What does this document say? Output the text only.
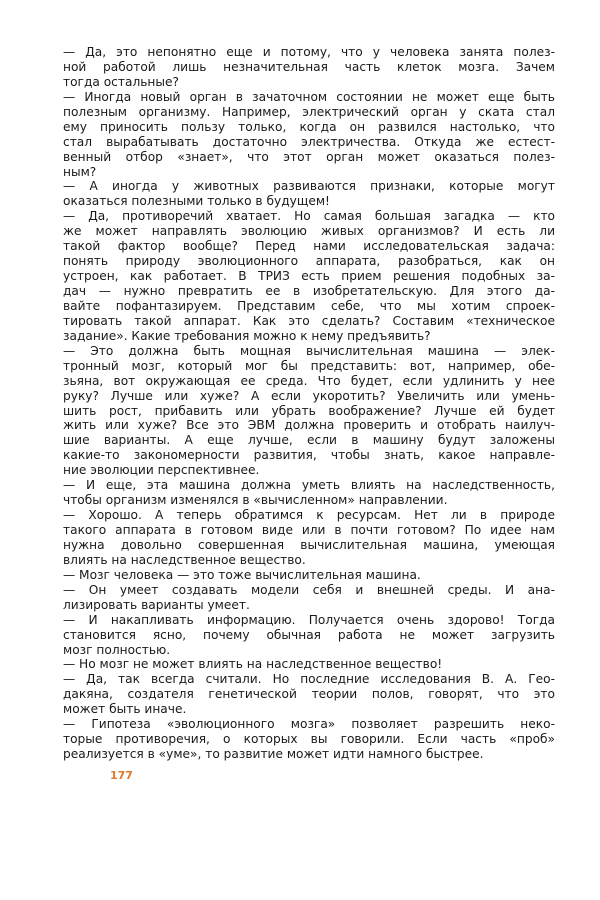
— Да, это непонятно еще и потому, что у человека занята полез-
ной работой лишь незначительная часть клеток мозга. Зачем
тогда остальные?
— Иногда новый орган в зачаточном состоянии не может еще быть
полезным организму. Например, электрический орган у ската стал
ему приносить пользу только, когда он развился настолько, что
стал вырабатывать достаточно электричества. Откуда же естест-
венный отбор «знает», что этот орган может оказаться полез-
ным?
— А иногда у животных развиваются признаки, которые могут
оказаться полезными только в будущем!
— Да, противоречий хватает. Но самая большая загадка — кто
же может направлять эволюцию живых организмов? И есть ли
такой фактор вообще? Перед нами исследовательская задача:
понять природу эволюционного аппарата, разобраться, как он
устроен, как работает. В ТРИЗ есть прием решения подобных за-
дач — нужно превратить ее в изобретательскую. Для этого да-
вайте пофантазируем. Представим себе, что мы хотим спроек-
тировать такой аппарат. Как это сделать? Составим «техническое
задание». Какие требования можно к нему предъявить?
— Это должна быть мощная вычислительная машина — элек-
тронный мозг, который мог бы представить: вот, например, обе-
зьяна, вот окружающая ее среда. Что будет, если удлинить у нее
руку? Лучше или хуже? А если укоротить? Увеличить или умень-
шить рост, прибавить или убрать воображение? Лучше ей будет
жить или хуже? Все это ЭВМ должна проверить и отобрать наилуч-
шие варианты. А еще лучше, если в машину будут заложены
какие-то закономерности развития, чтобы знать, какое направле-
ние эволюции перспективнее.
— И еще, эта машина должна уметь влиять на наследственность,
чтобы организм изменялся в «вычисленном» направлении.
— Хорошо. А теперь обратимся к ресурсам. Нет ли в природе
такого аппарата в готовом виде или в почти готовом? По идее нам
нужна довольно совершенная вычислительная машина, умеющая
влиять на наследственное вещество.
— Мозг человека — это тоже вычислительная машина.
— Он умеет создавать модели себя и внешней среды. И ана-
лизировать варианты умеет.
— И накапливать информацию. Получается очень здорово! Тогда
становится ясно, почему обычная работа не может загрузить
мозг полностью.
— Но мозг не может влиять на наследственное вещество!
— Да, так всегда считали. Но последние исследования В. А. Гео-
дакяна, создателя генетической теории полов, говорят, что это
может быть иначе.
— Гипотеза «эволюционного мозга» позволяет разрешить неко-
торые противоречия, о которых вы говорили. Если часть «проб»
реализуется в «уме», то развитие может идти намного быстрее.
177
